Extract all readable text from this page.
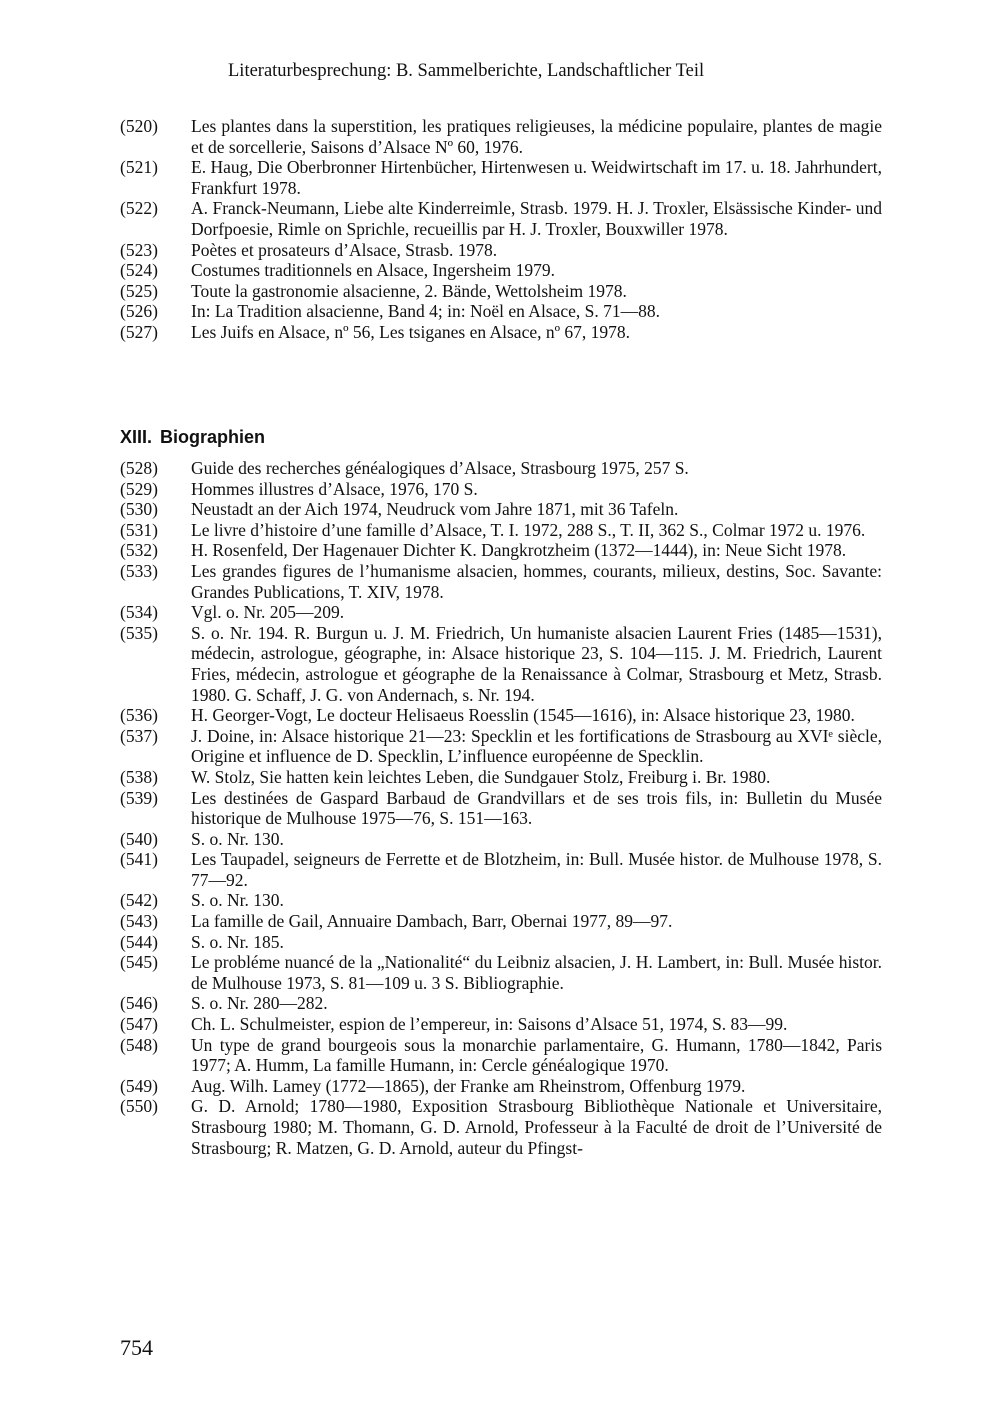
Literaturbesprechung: B. Sammelberichte, Landschaftlicher Teil

(520) Les plantes dans la superstition, les pratiques religieuses, la médicine populaire, plantes de magie et de sorcellerie, Saisons d’Alsace Nº 60, 1976.

(521) E. Haug, Die Oberbronner Hirtenbücher, Hirtenwesen u. Weidwirtschaft im 17. u. 18. Jahrhundert, Frankfurt 1978.

(522) A. Franck-Neumann, Liebe alte Kinderreimle, Strasb. 1979. H. J. Troxler, Elsässische Kinder- und Dorfpoesie, Rimle on Sprichle, recueillis par H. J. Troxler, Bouxwiller 1978.

(523) Poètes et prosateurs d’Alsace, Strasb. 1978.

(524) Costumes traditionnels en Alsace, Ingersheim 1979.

(525) Toute la gastronomie alsacienne, 2. Bände, Wettolsheim 1978.

(526) In: La Tradition alsacienne, Band 4; in: Noël en Alsace, S. 71—88.

(527) Les Juifs en Alsace, nº 56, Les tsiganes en Alsace, nº 67, 1978.

XIII. Biographien

(528) Guide des recherches généalogiques d’Alsace, Strasbourg 1975, 257 S.

(529) Hommes illustres d’Alsace, 1976, 170 S.

(530) Neustadt an der Aich 1974, Neudruck vom Jahre 1871, mit 36 Tafeln.

(531) Le livre d’histoire d’une famille d’Alsace, T. I. 1972, 288 S., T. II, 362 S., Colmar 1972 u. 1976.

(532) H. Rosenfeld, Der Hagenauer Dichter K. Dangkrotzheim (1372—1444), in: Neue Sicht 1978.

(533) Les grandes figures de l’humanisme alsacien, hommes, courants, milieux, destins, Soc. Savante: Grandes Publications, T. XIV, 1978.

(534) Vgl. o. Nr. 205—209.

(535) S. o. Nr. 194. R. Burgun u. J. M. Friedrich, Un humaniste alsacien Laurent Fries (1485—1531), médecin, astrologue, géographe, in: Alsace historique 23, S. 104—115. J. M. Friedrich, Laurent Fries, médecin, astrologue et géographe de la Renaissance à Colmar, Strasbourg et Metz, Strasb. 1980. G. Schaff, J. G. von Andernach, s. Nr. 194.

(536) H. Georger-Vogt, Le docteur Helisaeus Roesslin (1545—1616), in: Alsace historique 23, 1980.

(537) J. Doine, in: Alsace historique 21—23: Specklin et les fortifications de Strasbourg au XVIᵉ siècle, Origine et influence de D. Specklin, L’influence européenne de Specklin.

(538) W. Stolz, Sie hatten kein leichtes Leben, die Sundgauer Stolz, Freiburg i. Br. 1980.

(539) Les destinées de Gaspard Barbaud de Grandvillars et de ses trois fils, in: Bulletin du Musée historique de Mulhouse 1975—76, S. 151—163.

(540) S. o. Nr. 130.

(541) Les Taupadel, seigneurs de Ferrette et de Blotzheim, in: Bull. Musée histor. de Mulhouse 1978, S. 77—92.

(542) S. o. Nr. 130.

(543) La famille de Gail, Annuaire Dambach, Barr, Obernai 1977, 89—97.

(544) S. o. Nr. 185.

(545) Le probléme nuancé de la „Nationalité“ du Leibniz alsacien, J. H. Lambert, in: Bull. Musée histor. de Mulhouse 1973, S. 81—109 u. 3 S. Bibliographie.

(546) S. o. Nr. 280—282.

(547) Ch. L. Schulmeister, espion de l’empereur, in: Saisons d’Alsace 51, 1974, S. 83—99.

(548) Un type de grand bourgeois sous la monarchie parlamentaire, G. Humann, 1780—1842, Paris 1977; A. Humm, La famille Humann, in: Cercle généalogique 1970.

(549) Aug. Wilh. Lamey (1772—1865), der Franke am Rheinstrom, Offenburg 1979.

(550) G. D. Arnold; 1780—1980, Exposition Strasbourg Bibliothèque Nationale et Universitaire, Strasbourg 1980; M. Thomann, G. D. Arnold, Professeur à la Faculté de droit de l’Université de Strasbourg; R. Matzen, G. D. Arnold, auteur du Pfingst-

754
